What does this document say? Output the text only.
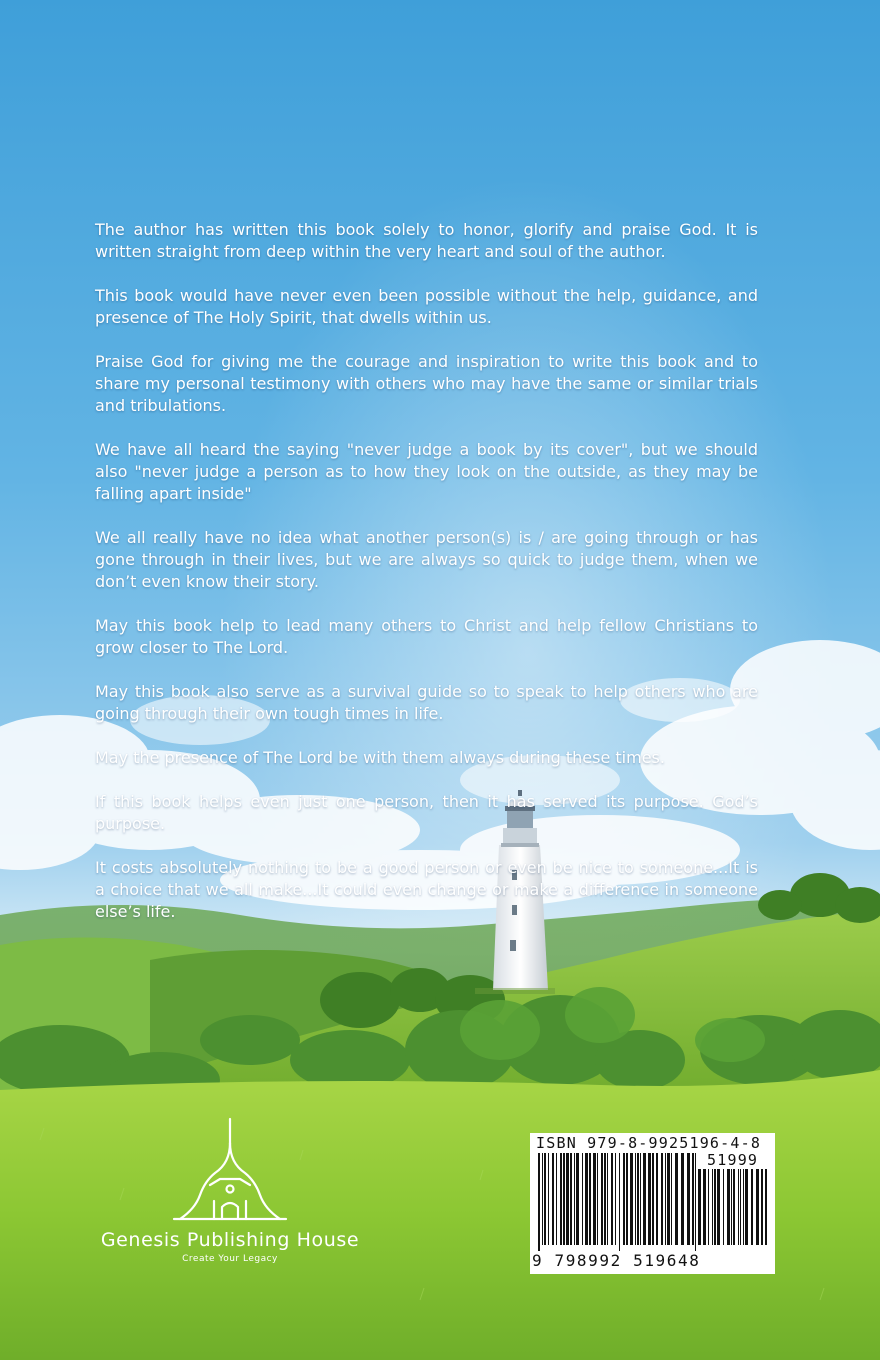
The author has written this book solely to honor, glorify and praise God. It is written straight from deep within the very heart and soul of the author.

This book would have never even been possible without the help, guidance, and presence of The Holy Spirit, that dwells within us.

Praise God for giving me the courage and inspiration to write this book and to share my personal testimony with others who may have the same or similar trials and tribulations.

We have all heard the saying "never judge a book by its cover", but we should also "never judge a person as to how they look on the outside, as they may be falling apart inside"

We all really have no idea what another person(s) is / are going through or has gone through in their lives, but we are always so quick to judge them, when we don’t even know their story.

May this book help to lead many others to Christ and help fellow Christians to grow closer to The Lord.

May this book also serve as a survival guide so to speak to help others who are going through their own tough times in life.

May the presence of The Lord be with them always during these times.

If this book helps even just one person, then it has served its purpose. God’s purpose.

It costs absolutely nothing to be a good person or even be nice to someone...It is a choice that we all make...It could even change or make a difference in someone else’s life.

Genesis Publishing House
Create Your Legacy
ISBN 979-8-9925196-4-8
51999
9 798992 519648
